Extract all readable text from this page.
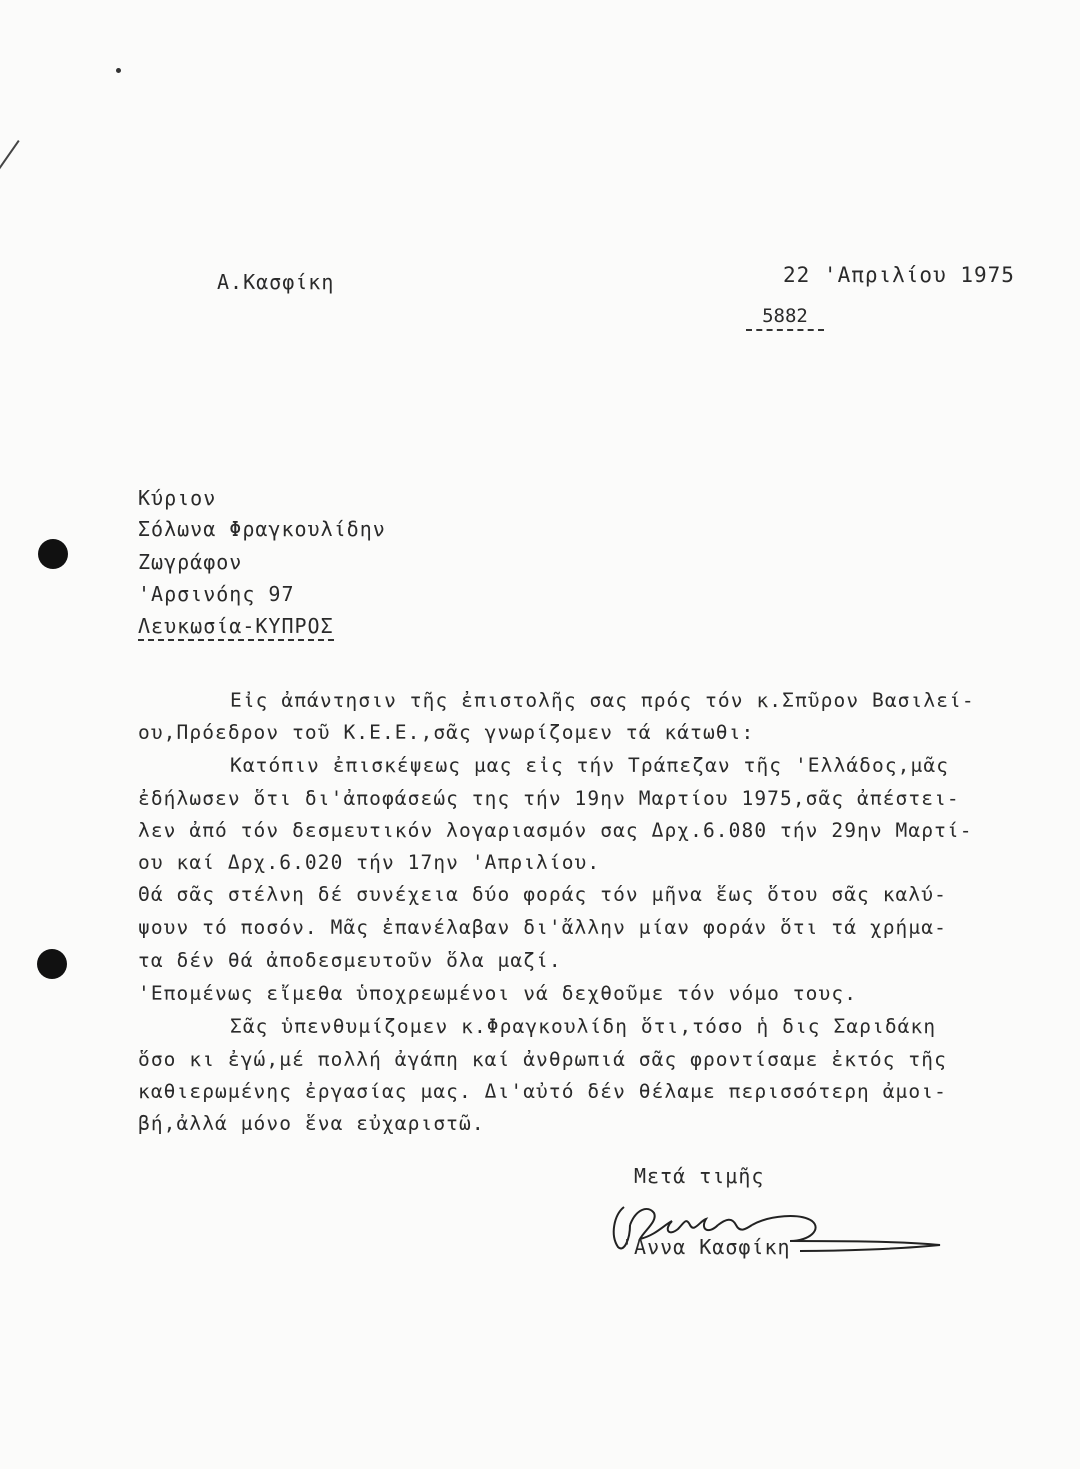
Α.Κασφίκη	22 'Απριλίου 1975
5882
Κύριον
Σόλωνα Φραγκουλίδην
Ζωγράφον
'Αρσινόης 97
Λευκωσία-ΚΥΠΡΟΣ
Εἰς ἀπάντησιν τῆς ἐπιστολῆς σας πρός τόν κ.Σπῦρον Βασιλεί-
ου,Πρόεδρον τοῦ Κ.Ε.Ε.,σᾶς γνωρίζομεν τά κάτωθι:
Κατόπιν ἐπισκέψεως μας εἰς τήν Τράπεζαν τῆς 'Ελλάδος,μᾶς
ἐδήλωσεν ὅτι δι'ἀποφάσεώς της τήν 19ην Μαρτίου 1975,σᾶς ἀπέστει-
λεν ἀπό τόν δεσμευτικόν λογαριασμόν σας Δρχ.6.080 τήν 29ην Μαρτί-
ου καί Δρχ.6.020 τήν 17ην 'Απριλίου.
Θά σᾶς στέλνη δέ συνέχεια δύο φοράς τόν μῆνα ἕως ὅτου σᾶς καλύ-
ψουν τό ποσόν. Μᾶς ἐπανέλαβαν δι'ἄλλην μίαν φοράν ὅτι τά χρήμα-
τα δέν θά ἀποδεσμευτοῦν ὅλα μαζί.
'Επομένως εἴμεθα ὑποχρεωμένοι νά δεχθοῦμε τόν νόμο τους.
Σᾶς ὑπενθυμίζομεν κ.Φραγκουλίδη ὅτι,τόσο ἡ δις Σαριδάκη
ὅσο κι ἐγώ,μέ πολλή ἀγάπη καί ἀνθρωπιά σᾶς φροντίσαμε ἐκτός τῆς
καθιερωμένης ἐργασίας μας. Δι'αὐτό δέν θέλαμε περισσότερη ἀμοι-
βή,ἀλλά μόνο ἕνα εὐχαριστῶ.
Μετά τιμῆς
'Αννα Κασφίκη
